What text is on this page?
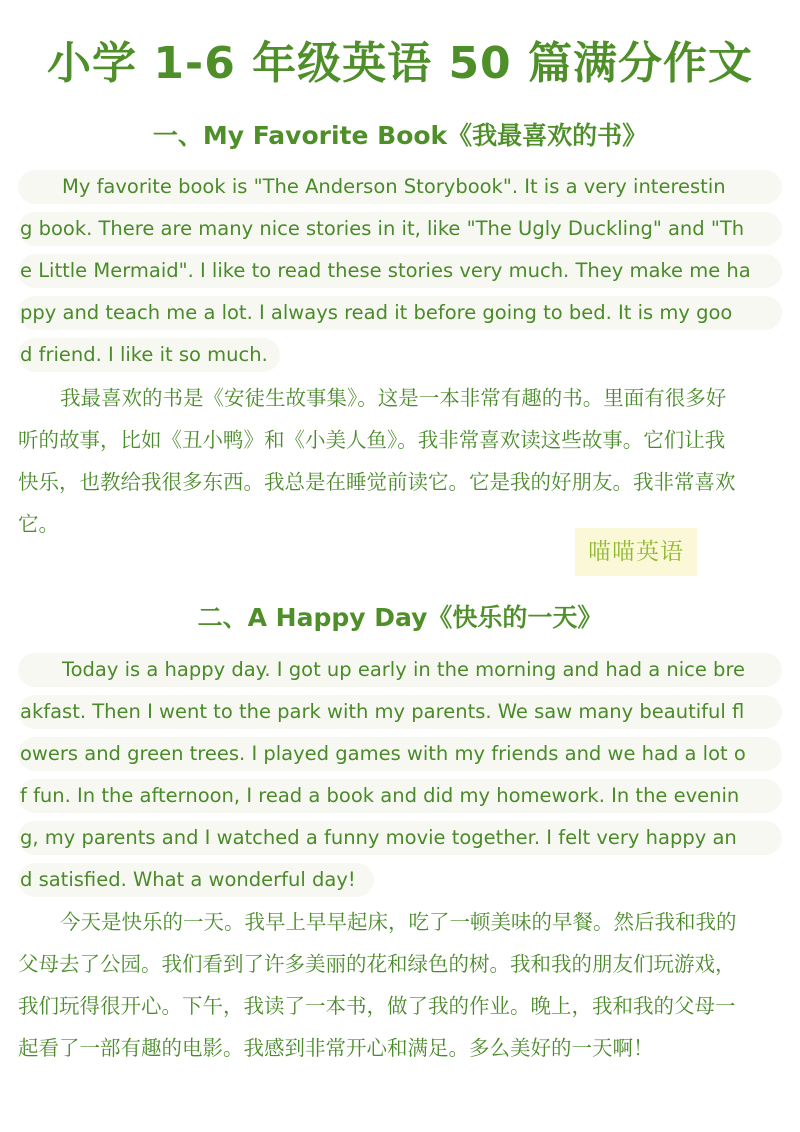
小学 1-6 年级英语 50 篇满分作文
一、My Favorite Book《我最喜欢的书》
My favorite book is "The Anderson Storybook". It is a very interestin
g book. There are many nice stories in it, like "The Ugly Duckling" and "Th
e Little Mermaid". I like to read these stories very much. They make me ha
ppy and teach me a lot. I always read it before going to bed. It is my goo
d friend. I like it so much.
我最喜欢的书是《安徒生故事集》。这是一本非常有趣的书。里面有很多好
听的故事，比如《丑小鸭》和《小美人鱼》。我非常喜欢读这些故事。它们让我
快乐，也教给我很多东西。我总是在睡觉前读它。它是我的好朋友。我非常喜欢
它。
喵喵英语
二、A Happy Day《快乐的一天》
Today is a happy day. I got up early in the morning and had a nice bre
akfast. Then I went to the park with my parents. We saw many beautiful fl
owers and green trees. I played games with my friends and we had a lot o
f fun. In the afternoon, I read a book and did my homework. In the evenin
g, my parents and I watched a funny movie together. I felt very happy an
d satisfied. What a wonderful day!
今天是快乐的一天。我早上早早起床，吃了一顿美味的早餐。然后我和我的
父母去了公园。我们看到了许多美丽的花和绿色的树。我和我的朋友们玩游戏，
我们玩得很开心。下午，我读了一本书，做了我的作业。晚上，我和我的父母一
起看了一部有趣的电影。我感到非常开心和满足。多么美好的一天啊！
